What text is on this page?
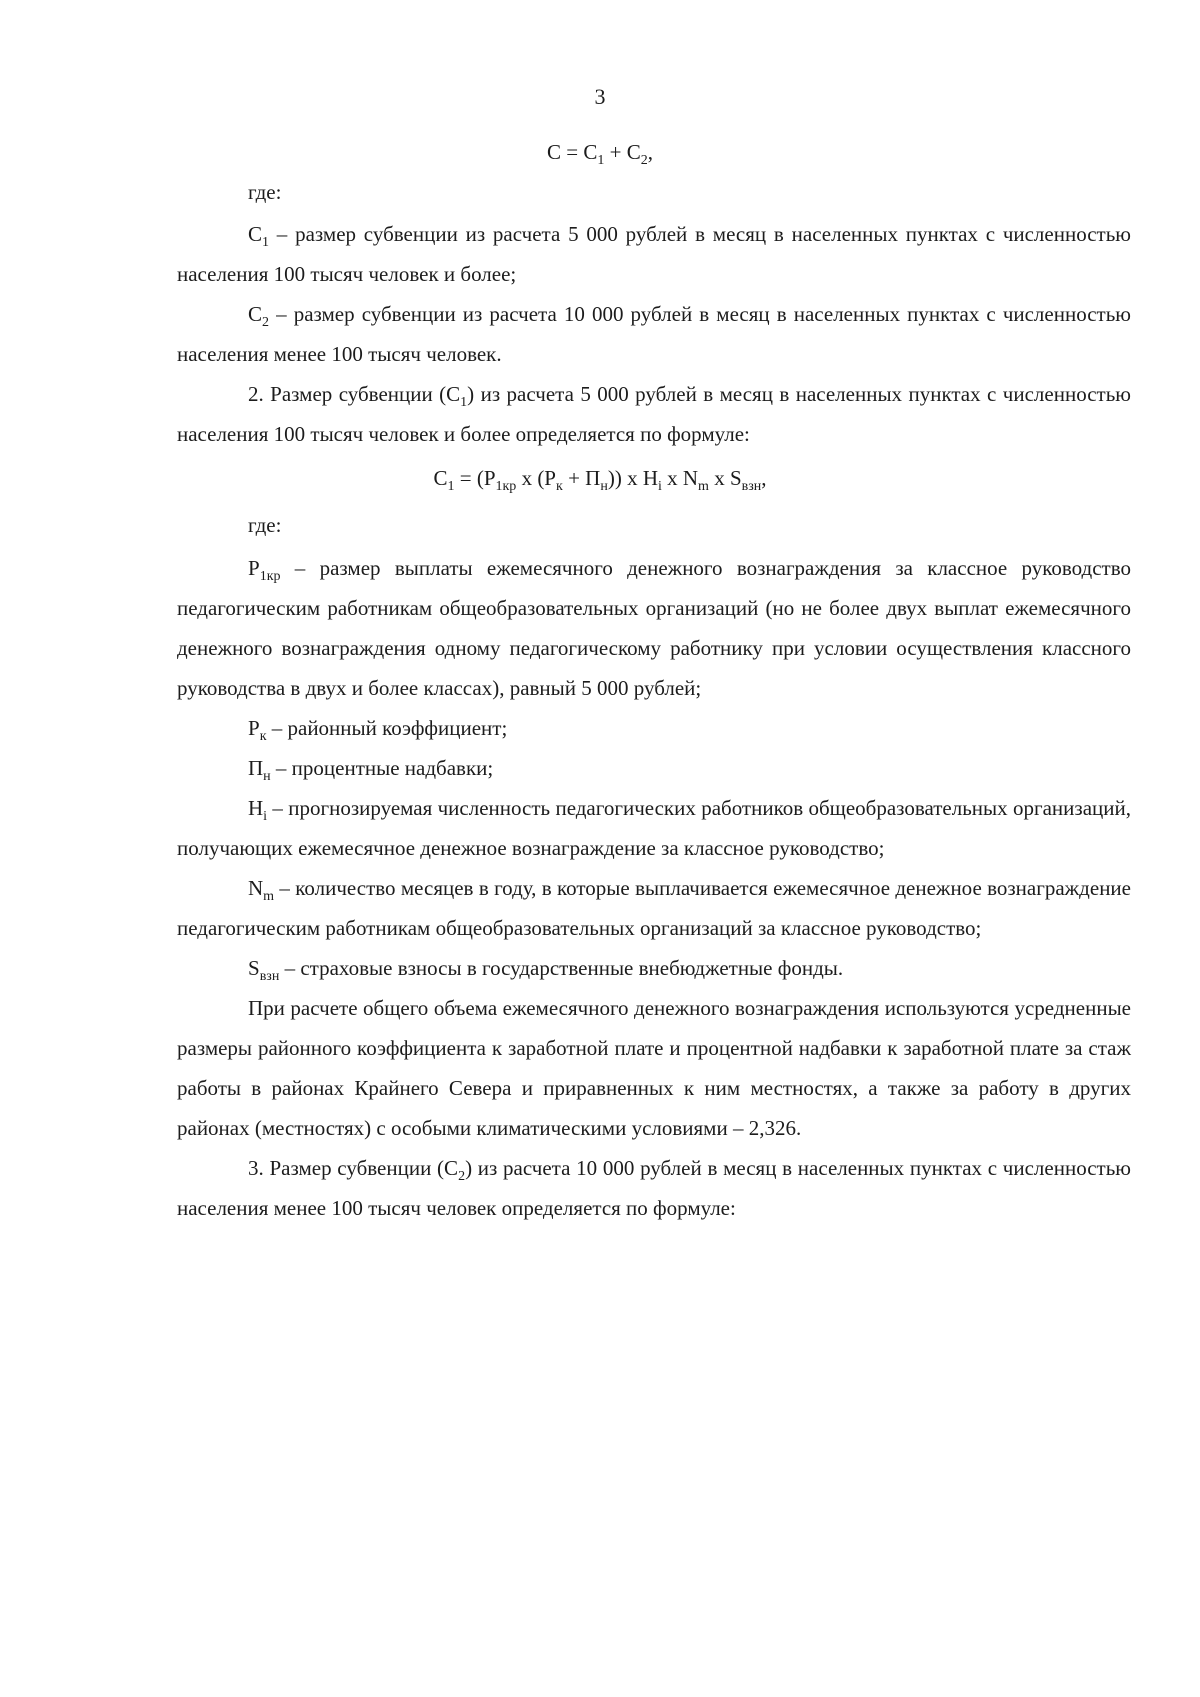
3
$С = С_1 + С_2$,
где:

$С_1$ – размер субвенции из расчета 5 000 рублей в месяц в населенных пунктах с численностью населения 100 тысяч человек и более;

$С_2$ – размер субвенции из расчета 10 000 рублей в месяц в населенных пунктах с численностью населения менее 100 тысяч человек.

2. Размер субвенции $(С_1)$ из расчета 5 000 рублей в месяц в населенных пунктах с численностью населения 100 тысяч человек и более определяется по формуле:

$С_1 = (Р_{1кр}$ х $(Р_к + П_н)$) х $Н_i$ х $N_m$ х $S_{взн}$,
где:

$Р_{1кр}$ – размер выплаты ежемесячного денежного вознаграждения за классное руководство педагогическим работникам общеобразовательных организаций (но не более двух выплат ежемесячного денежного вознаграждения одному педагогическому работнику при условии осуществления классного руководства в двух и более классах), равный 5 000 рублей;

$Р_к$ – районный коэффициент;

$П_н$ – процентные надбавки;

$Н_i$ – прогнозируемая численность педагогических работников общеобразовательных организаций, получающих ежемесячное денежное вознаграждение за классное руководство;

$N_m$ – количество месяцев в году, в которые выплачивается ежемесячное денежное вознаграждение педагогическим работникам общеобразовательных организаций за классное руководство;

$S_{взн}$ – страховые взносы в государственные внебюджетные фонды.

При расчете общего объема ежемесячного денежного вознаграждения используются усредненные размеры районного коэффициента к заработной плате и процентной надбавки к заработной плате за стаж работы в районах Крайнего Севера и приравненных к ним местностях, а также за работу в других районах (местностях) с особыми климатическими условиями – 2,326.

3. Размер субвенции $(С_2)$ из расчета 10 000 рублей в месяц в населенных пунктах с численностью населения менее 100 тысяч человек определяется по формуле:
